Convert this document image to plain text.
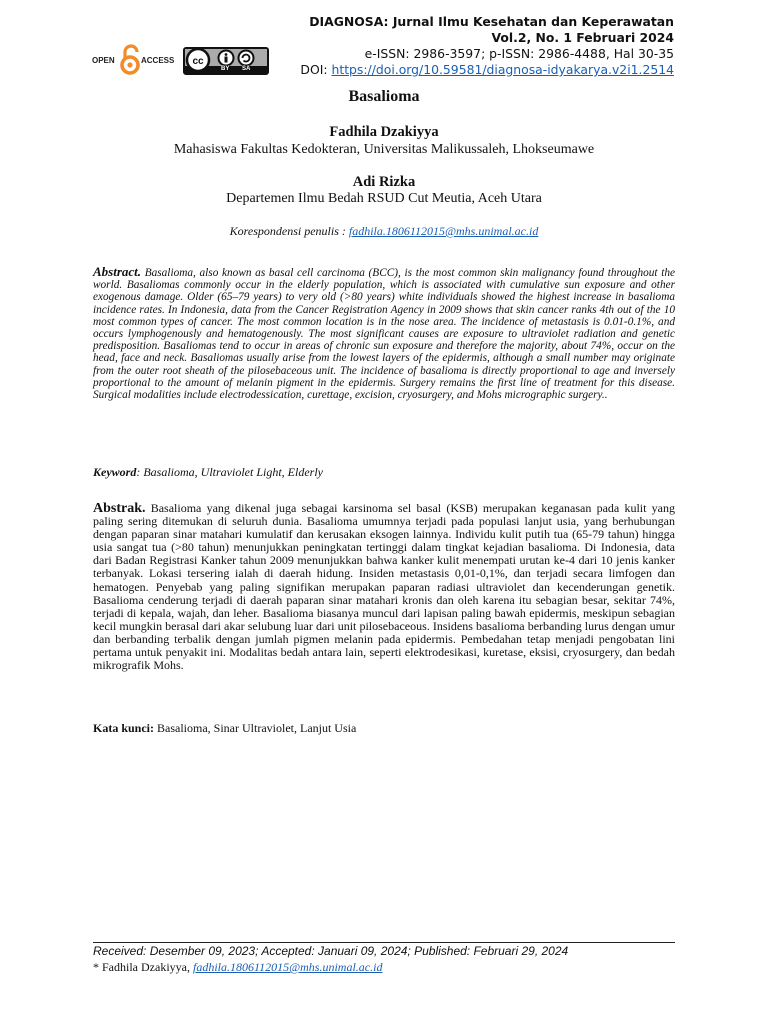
OPEN	ACCESS cc
BY SA
DIAGNOSA: Jurnal Ilmu Kesehatan dan Keperawatan
Vol.2, No. 1 Februari 2024
e-ISSN: 2986-3597; p-ISSN: 2986-4488, Hal 30-35
DOI: https://doi.org/10.59581/diagnosa-idyakarya.v2i1.2514
Basalioma
Fadhila Dzakiyya
Mahasiswa Fakultas Kedokteran, Universitas Malikussaleh, Lhokseumawe
Adi Rizka
Departemen Ilmu Bedah RSUD Cut Meutia, Aceh Utara
Korespondensi penulis : fadhila.1806112015@mhs.unimal.ac.id
Abstract. Basalioma, also known as basal cell carcinoma (BCC), is the most common skin malignancy found throughout the world. Basaliomas commonly occur in the elderly population, which is associated with cumulative sun exposure and other exogenous damage. Older (65–79 years) to very old (>80 years) white individuals showed the highest increase in basalioma incidence rates. In Indonesia, data from the Cancer Registration Agency in 2009 shows that skin cancer ranks 4th out of the 10 most common types of cancer. The most common location is in the nose area. The incidence of metastasis is 0.01-0.1%, and occurs lymphogenously and hematogenously. The most significant causes are exposure to ultraviolet radiation and genetic predisposition. Basaliomas tend to occur in areas of chronic sun exposure and therefore the majority, about 74%, occur on the head, face and neck. Basaliomas usually arise from the lowest layers of the epidermis, although a small number may originate from the outer root sheath of the pilosebaceous unit. The incidence of basalioma is directly proportional to age and inversely proportional to the amount of melanin pigment in the epidermis. Surgery remains the first line of treatment for this disease. Surgical modalities include electrodessication, curettage, excision, cryosurgery, and Mohs micrographic surgery..
Keyword: Basalioma, Ultraviolet Light, Elderly
Abstrak. Basalioma yang dikenal juga sebagai karsinoma sel basal (KSB) merupakan keganasan pada kulit yang paling sering ditemukan di seluruh dunia. Basalioma umumnya terjadi pada populasi lanjut usia, yang berhubungan dengan paparan sinar matahari kumulatif dan kerusakan eksogen lainnya. Individu kulit putih tua (65-79 tahun) hingga usia sangat tua (>80 tahun) menunjukkan peningkatan tertinggi dalam tingkat kejadian basalioma. Di Indonesia, data dari Badan Registrasi Kanker tahun 2009 menunjukkan bahwa kanker kulit menempati urutan ke-4 dari 10 jenis kanker terbanyak. Lokasi tersering ialah di daerah hidung. Insiden metastasis 0,01-0,1%, dan terjadi secara limfogen dan hematogen. Penyebab yang paling signifikan merupakan paparan radiasi ultraviolet dan kecenderungan genetik. Basalioma cenderung terjadi di daerah paparan sinar matahari kronis dan oleh karena itu sebagian besar, sekitar 74%, terjadi di kepala, wajah, dan leher. Basalioma biasanya muncul dari lapisan paling bawah epidermis, meskipun sebagian kecil mungkin berasal dari akar selubung luar dari unit pilosebaceous. Insidens basalioma berbanding lurus dengan umur dan berbanding terbalik dengan jumlah pigmen melanin pada epidermis. Pembedahan tetap menjadi pengobatan lini pertama untuk penyakit ini. Modalitas bedah antara lain, seperti elektrodesikasi, kuretase, eksisi, cryosurgery, dan bedah mikrografik Mohs.
Kata kunci: Basalioma, Sinar Ultraviolet, Lanjut Usia
Received: Desember 09, 2023; Accepted: Januari 09, 2024; Published: Februari 29, 2024
* Fadhila Dzakiyya, fadhila.1806112015@mhs.unimal.ac.id
